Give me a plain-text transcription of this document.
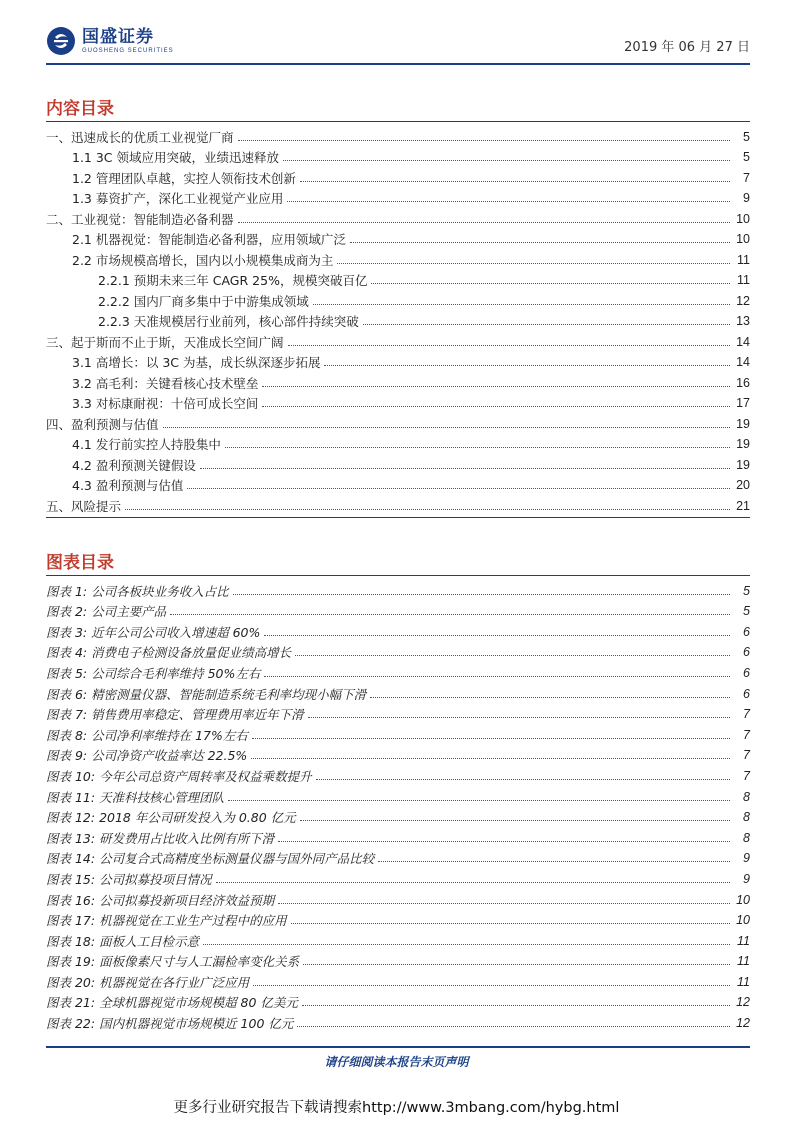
国盛证券
GUOSHENG SECURITIES	2019 年 06 月 27 日
内容目录
一、迅速成长的优质工业视觉厂商	5
1.1 3C 领域应用突破，业绩迅速释放	5
1.2 管理团队卓越，实控人领衔技术创新	7
1.3 募资扩产，深化工业视觉产业应用	9
二、工业视觉：智能制造必备利器	10
2.1 机器视觉：智能制造必备利器，应用领域广泛	10
2.2 市场规模高增长，国内以小规模集成商为主	11
2.2.1 预期未来三年 CAGR 25%，规模突破百亿	11
2.2.2 国内厂商多集中于中游集成领域	12
2.2.3 天准规模居行业前列，核心部件持续突破	13
三、起于斯而不止于斯，天准成长空间广阔	14
3.1 高增长：以 3C 为基，成长纵深逐步拓展	14
3.2 高毛利：关键看核心技术壁垒	16
3.3 对标康耐视：十倍可成长空间	17
四、盈利预测与估值	19
4.1 发行前实控人持股集中	19
4.2 盈利预测关键假设	19
4.3 盈利预测与估值	20
五、风险提示	21
图表目录
图表 1: 公司各板块业务收入占比	5
图表 2: 公司主要产品	5
图表 3: 近年公司公司收入增速超 60%	6
图表 4: 消费电子检测设备放量促业绩高增长	6
图表 5: 公司综合毛利率维持 50%左右	6
图表 6: 精密测量仪器、智能制造系统毛利率均现小幅下滑	6
图表 7: 销售费用率稳定、管理费用率近年下滑	7
图表 8: 公司净利率维持在 17%左右	7
图表 9: 公司净资产收益率达 22.5%	7
图表 10: 今年公司总资产周转率及权益乘数提升	7
图表 11: 天准科技核心管理团队	8
图表 12: 2018 年公司研发投入为 0.80 亿元	8
图表 13: 研发费用占比收入比例有所下滑	8
图表 14: 公司复合式高精度坐标测量仪器与国外同产品比较	9
图表 15: 公司拟募投项目情况	9
图表 16: 公司拟募投新项目经济效益预期	10
图表 17: 机器视觉在工业生产过程中的应用	10
图表 18: 面板人工目检示意	11
图表 19: 面板像素尺寸与人工漏检率变化关系	11
图表 20: 机器视觉在各行业广泛应用	11
图表 21: 全球机器视觉市场规模超 80 亿美元	12
图表 22: 国内机器视觉市场规模近 100 亿元	12
请仔细阅读本报告末页声明
更多行业研究报告下载请搜索http://www.3mbang.com/hybg.html
